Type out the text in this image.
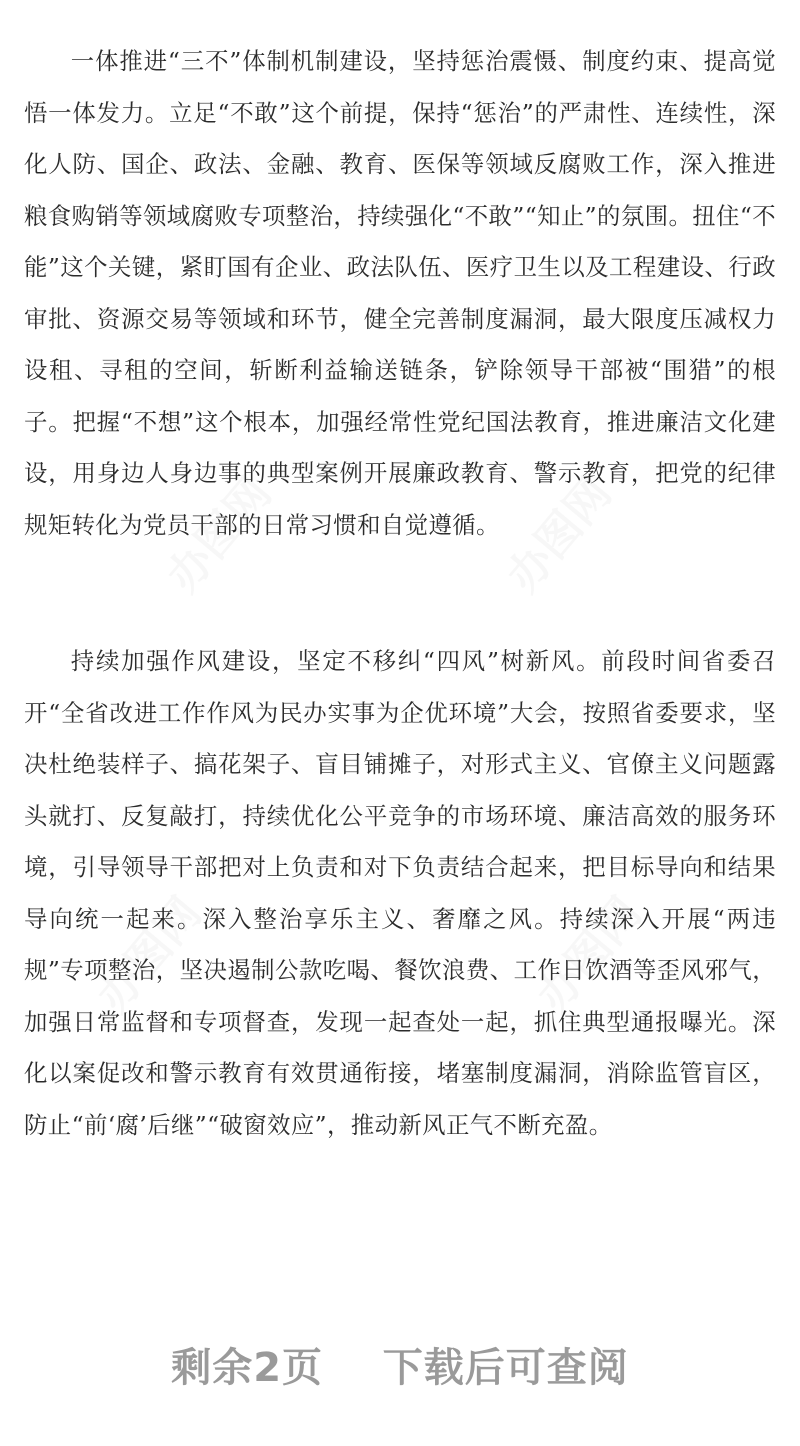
办图网	办图网
办图网	办图网

一体推进“三不”体制机制建设，坚持惩治震慑、制度约束、提高觉悟一体发力。立足“不敢”这个前提，保持“惩治”的严肃性、连续性，深化人防、国企、政法、金融、教育、医保等领域反腐败工作，深入推进粮食购销等领域腐败专项整治，持续强化“不敢”“知止”的氛围。扭住“不能”这个关键，紧盯国有企业、政法队伍、医疗卫生以及工程建设、行政审批、资源交易等领域和环节，健全完善制度漏洞，最大限度压减权力设租、寻租的空间，斩断利益输送链条，铲除领导干部被“围猎”的根子。把握“不想”这个根本，加强经常性党纪国法教育，推进廉洁文化建设，用身边人身边事的典型案例开展廉政教育、警示教育，把党的纪律规矩转化为党员干部的日常习惯和自觉遵循。

持续加强作风建设，坚定不移纠“四风”树新风。前段时间省委召开“全省改进工作作风为民办实事为企优环境”大会，按照省委要求，坚决杜绝装样子、搞花架子、盲目铺摊子，对形式主义、官僚主义问题露头就打、反复敲打，持续优化公平竞争的市场环境、廉洁高效的服务环境，引导领导干部把对上负责和对下负责结合起来，把目标导向和结果导向统一起来。深入整治享乐主义、奢靡之风。持续深入开展“两违规”专项整治，坚决遏制公款吃喝、餐饮浪费、工作日饮酒等歪风邪气，加强日常监督和专项督查，发现一起查处一起，抓住典型通报曝光。深化以案促改和警示教育有效贯通衔接，堵塞制度漏洞，消除监管盲区，防止“前‘腐’后继”“破窗效应”，推动新风正气不断充盈。

剩余2页    下载后可查阅
